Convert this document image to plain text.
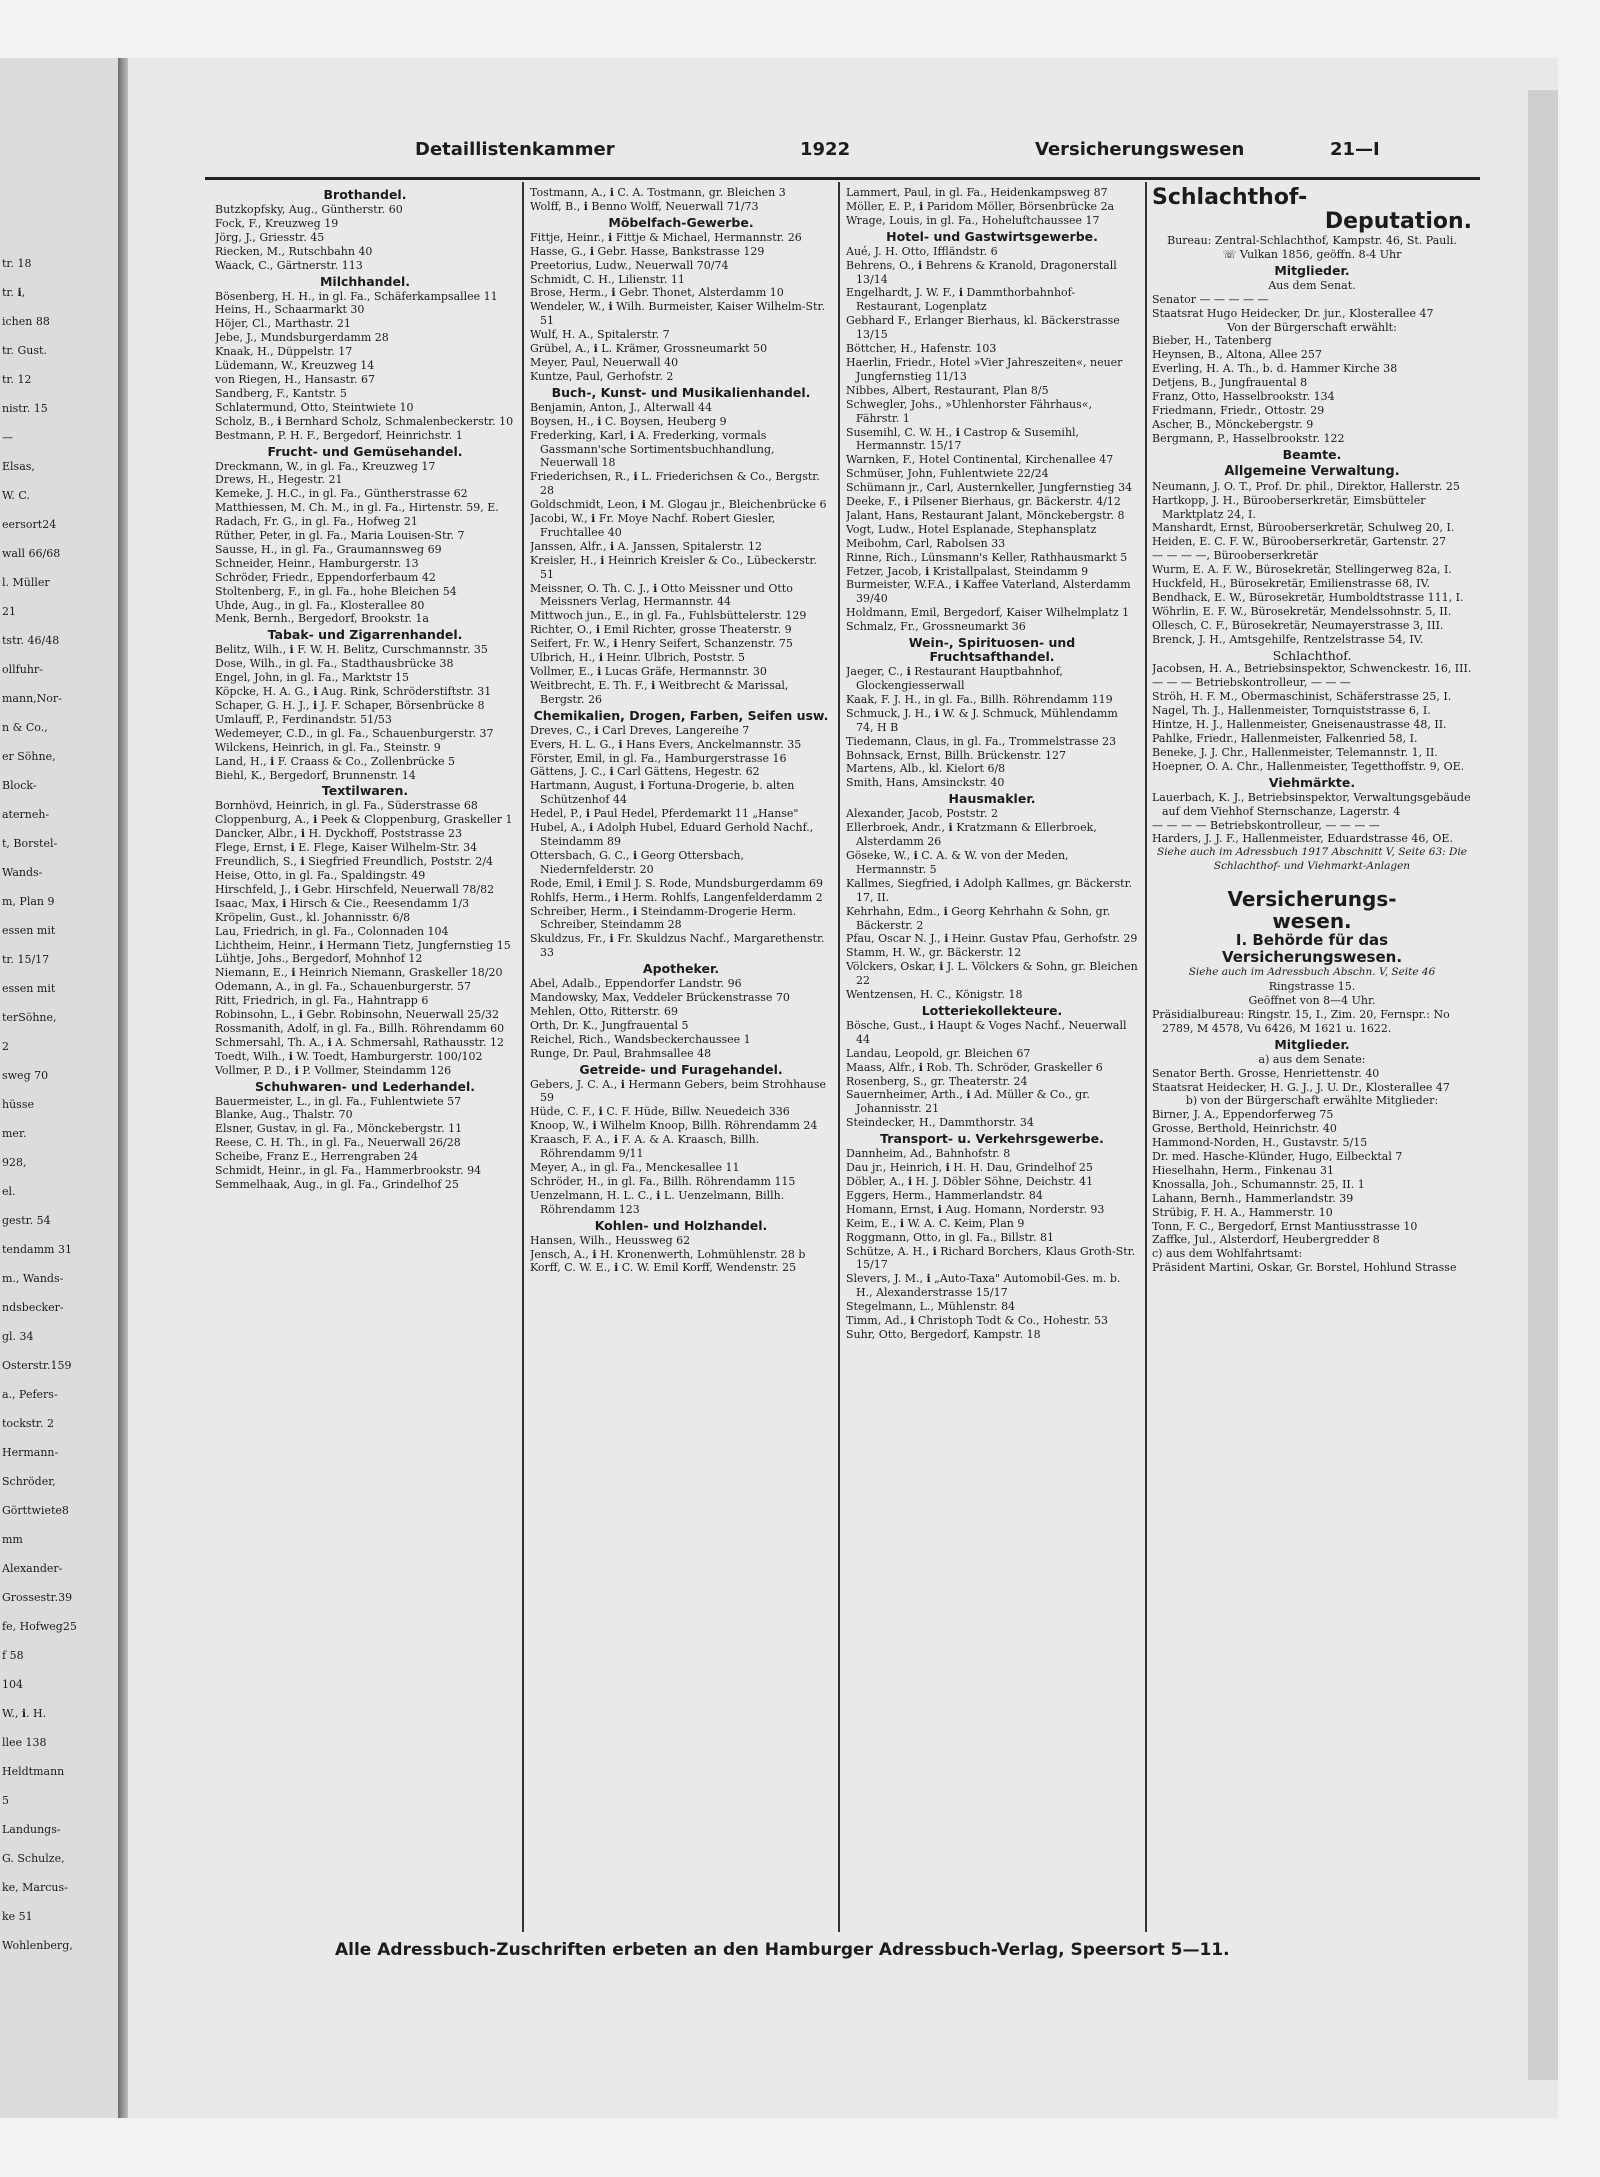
tr. 18
tr. ℹ,
ichen 88
tr. Gust.
tr. 12
nistr. 15
—
Elsas,
W. C.
eersort24
wall 66/68
l. Müller
21
tstr. 46/48
ollfuhr-
mann,Nor-
n & Co.,
er Söhne,
Block-
aterneh-
t, Borstel-
Wands-
m, Plan 9
essen mit
tr. 15/17
essen mit
terSöhne,
2
sweg 70
hüsse
mer.
928,
el.
gestr. 54
tendamm 31
m., Wands-
ndsbecker-
gl. 34
Osterstr.159
a., Pefers-
tockstr. 2
Hermann-
Schröder,
Görttwiete8
mm
Alexander-
Grossestr.39
fe, Hofweg25
f 58
104
W., ℹ. H.
llee 138
Heldtmann
5
Landungs-
G. Schulze,
ke, Marcus-
ke 51
Wohlenberg,
Detaillistenkammer	1922	Versicherungswesen	21—I
Brothandel.
Butzkopfsky, Aug., Güntherstr. 60
Fock, F., Kreuzweg 19
Jörg, J., Griesstr. 45
Riecken, M., Rutschbahn 40
Waack, C., Gärtnerstr. 113
Milchhandel.
Bösenberg, H. H., in gl. Fa., Schäferkampsallee 11
Heins, H., Schaarmarkt 30
Höjer, Cl., Marthastr. 21
Jebe, J., Mundsburgerdamm 28
Knaak, H., Düppelstr. 17
Lüdemann, W., Kreuzweg 14
von Riegen, H., Hansastr. 67
Sandberg, F., Kantstr. 5
Schlatermund, Otto, Steintwiete 10
Scholz, B., ℹ Bernhard Scholz, Schmalenbeckerstr. 10
Bestmann, P. H. F., Bergedorf, Heinrichstr. 1
Frucht- und Gemüsehandel.
Dreckmann, W., in gl. Fa., Kreuzweg 17
Drews, H., Hegestr. 21
Kemeke, J. H.C., in gl. Fa., Güntherstrasse 62
Matthiessen, M. Ch. M., in gl. Fa., Hirtenstr. 59, E.
Radach, Fr. G., in gl. Fa., Hofweg 21
Rüther, Peter, in gl. Fa., Maria Louisen-Str. 7
Sausse, H., in gl. Fa., Graumannsweg 69
Schneider, Heinr., Hamburgerstr. 13
Schröder, Friedr., Eppendorferbaum 42
Stoltenberg, F., in gl. Fa., hohe Bleichen 54
Uhde, Aug., in gl. Fa., Klosterallee 80
Menk, Bernh., Bergedorf, Brookstr. 1a
Tabak- und Zigarrenhandel.
Belitz, Wilh., ℹ F. W. H. Belitz, Curschmannstr. 35
Dose, Wilh., in gl. Fa., Stadthausbrücke 38
Engel, John, in gl. Fa., Marktstr 15
Köpcke, H. A. G., ℹ Aug. Rink, Schröderstiftstr. 31
Schaper, G. H. J., ℹ J. F. Schaper, Börsenbrücke 8
Umlauff, P., Ferdinandstr. 51/53
Wedemeyer, C.D., in gl. Fa., Schauenburgerstr. 37
Wilckens, Heinrich, in gl. Fa., Steinstr. 9
Land, H., ℹ F. Craass & Co., Zollenbrücke 5
Biehl, K., Bergedorf, Brunnenstr. 14
Textilwaren.
Bornhövd, Heinrich, in gl. Fa., Süderstrasse 68
Cloppenburg, A., ℹ Peek & Cloppenburg, Graskeller 1
Dancker, Albr., ℹ H. Dyckhoff, Poststrasse 23
Flege, Ernst, ℹ E. Flege, Kaiser Wilhelm-Str. 34
Freundlich, S., ℹ Siegfried Freundlich, Poststr. 2/4
Heise, Otto, in gl. Fa., Spaldingstr. 49
Hirschfeld, J., ℹ Gebr. Hirschfeld, Neuerwall 78/82
Isaac, Max, ℹ Hirsch & Cie., Reesendamm 1/3
Kröpelin, Gust., kl. Johannisstr. 6/8
Lau, Friedrich, in gl. Fa., Colonnaden 104
Lichtheim, Heinr., ℹ Hermann Tietz, Jungfernstieg 15
Lühtje, Johs., Bergedorf, Mohnhof 12
Niemann, E., ℹ Heinrich Niemann, Graskeller 18/20
Odemann, A., in gl. Fa., Schauenburgerstr. 57
Ritt, Friedrich, in gl. Fa., Hahntrapp 6
Robinsohn, L., ℹ Gebr. Robinsohn, Neuerwall 25/32
Rossmanith, Adolf, in gl. Fa., Billh. Röhrendamm 60
Schmersahl, Th. A., ℹ A. Schmersahl, Rathausstr. 12
Toedt, Wilh., ℹ W. Toedt, Hamburgerstr. 100/102
Vollmer, P. D., ℹ P. Vollmer, Steindamm 126
Schuhwaren- und Lederhandel.
Bauermeister, L., in gl. Fa., Fuhlentwiete 57
Blanke, Aug., Thalstr. 70
Elsner, Gustav, in gl. Fa., Mönckebergstr. 11
Reese, C. H. Th., in gl. Fa., Neuerwall 26/28
Scheibe, Franz E., Herrengraben 24
Schmidt, Heinr., in gl. Fa., Hammerbrookstr. 94
Semmelhaak, Aug., in gl. Fa., Grindelhof 25
Tostmann, A., ℹ C. A. Tostmann, gr. Bleichen 3
Wolff, B., ℹ Benno Wolff, Neuerwall 71/73
Möbelfach-Gewerbe.
Fittje, Heinr., ℹ Fittje & Michael, Hermannstr. 26
Hasse, G., ℹ Gebr. Hasse, Bankstrasse 129
Preetorius, Ludw., Neuerwall 70/74
Schmidt, C. H., Lilienstr. 11
Brose, Herm., ℹ Gebr. Thonet, Alsterdamm 10
Wendeler, W., ℹ Wilh. Burmeister, Kaiser Wilhelm-Str. 51
Wulf, H. A., Spitalerstr. 7
Grübel, A., ℹ L. Krämer, Grossneumarkt 50
Meyer, Paul, Neuerwall 40
Kuntze, Paul, Gerhofstr. 2
Buch-, Kunst- und Musikalienhandel.
Benjamin, Anton, J., Alterwall 44
Boysen, H., ℹ C. Boysen, Heuberg 9
Frederking, Karl, ℹ A. Frederking, vormals Gassmann'sche Sortimentsbuchhandlung, Neuerwall 18
Friederichsen, R., ℹ L. Friederichsen & Co., Bergstr. 28
Goldschmidt, Leon, ℹ M. Glogau jr., Bleichenbrücke 6
Jacobi, W., ℹ Fr. Moye Nachf. Robert Giesler, Fruchtallee 40
Janssen, Alfr., ℹ A. Janssen, Spitalerstr. 12
Kreisler, H., ℹ Heinrich Kreisler & Co., Lübeckerstr. 51
Meissner, O. Th. C. J., ℹ Otto Meissner und Otto Meissners Verlag, Hermannstr. 44
Mittwoch jun., E., in gl. Fa., Fuhlsbüttelerstr. 129
Richter, O., ℹ Emil Richter, grosse Theaterstr. 9
Seifert, Fr. W., ℹ Henry Seifert, Schanzenstr. 75
Ulbrich, H., ℹ Heinr. Ulbrich, Poststr. 5
Vollmer, E., ℹ Lucas Gräfe, Hermannstr. 30
Weitbrecht, E. Th. F., ℹ Weitbrecht & Marissal, Bergstr. 26
Chemikalien, Drogen, Farben, Seifen usw.
Dreves, C., ℹ Carl Dreves, Langereihe 7
Evers, H. L. G., ℹ Hans Evers, Anckelmannstr. 35
Förster, Emil, in gl. Fa., Hamburgerstrasse 16
Gättens, J. C., ℹ Carl Gättens, Hegestr. 62
Hartmann, August, ℹ Fortuna-Drogerie, b. alten Schützenhof 44
Hedel, P., ℹ Paul Hedel, Pferdemarkt 11 „Hanse"
Hubel, A., ℹ Adolph Hubel, Eduard Gerhold Nachf., Steindamm 89
Ottersbach, G. C., ℹ Georg Ottersbach, Niedernfelderstr. 20
Rode, Emil, ℹ Emil J. S. Rode, Mundsburgerdamm 69
Rohlfs, Herm., ℹ Herm. Rohlfs, Langenfelderdamm 2
Schreiber, Herm., ℹ Steindamm-Drogerie Herm. Schreiber, Steindamm 28
Skuldzus, Fr., ℹ Fr. Skuldzus Nachf., Margarethenstr. 33
Apotheker.
Abel, Adalb., Eppendorfer Landstr. 96
Mandowsky, Max, Veddeler Brückenstrasse 70
Mehlen, Otto, Ritterstr. 69
Orth, Dr. K., Jungfrauental 5
Reichel, Rich., Wandsbeckerchaussee 1
Runge, Dr. Paul, Brahmsallee 48
Getreide- und Furagehandel.
Gebers, J. C. A., ℹ Hermann Gebers, beim Strohhause 59
Hüde, C. F., ℹ C. F. Hüde, Billw. Neuedeich 336
Knoop, W., ℹ Wilhelm Knoop, Billh. Röhrendamm 24
Kraasch, F. A., ℹ F. A. & A. Kraasch, Billh. Röhrendamm 9/11
Meyer, A., in gl. Fa., Menckesallee 11
Schröder, H., in gl. Fa., Billh. Röhrendamm 115
Uenzelmann, H. L. C., ℹ L. Uenzelmann, Billh. Röhrendamm 123
Kohlen- und Holzhandel.
Hansen, Wilh., Heussweg 62
Jensch, A., ℹ H. Kronenwerth, Lohmühlenstr. 28 b
Korff, C. W. E., ℹ C. W. Emil Korff, Wendenstr. 25
Lammert, Paul, in gl. Fa., Heidenkampsweg 87
Möller, E. P., ℹ Paridom Möller, Börsenbrücke 2a
Wrage, Louis, in gl. Fa., Hoheluftchaussee 17
Hotel- und Gastwirtsgewerbe.
Aué, J. H. Otto, Iffländstr. 6
Behrens, O., ℹ Behrens & Kranold, Dragonerstall 13/14
Engelhardt, J. W. F., ℹ Dammthorbahnhof-Restaurant, Logenplatz
Gebhard F., Erlanger Bierhaus, kl. Bäckerstrasse 13/15
Böttcher, H., Hafenstr. 103
Haerlin, Friedr., Hotel »Vier Jahreszeiten«, neuer Jungfernstieg 11/13
Nibbes, Albert, Restaurant, Plan 8/5
Schwegler, Johs., »Uhlenhorster Fährhaus«, Fährstr. 1
Susemihl, C. W. H., ℹ Castrop & Susemihl, Hermannstr. 15/17
Warnken, F., Hotel Continental, Kirchenallee 47
Schmüser, John, Fuhlentwiete 22/24
Schümann jr., Carl, Austernkeller, Jungfernstieg 34
Deeke, F., ℹ Pilsener Bierhaus, gr. Bäckerstr. 4/12
Jalant, Hans, Restaurant Jalant, Mönckebergstr. 8
Vogt, Ludw., Hotel Esplanade, Stephansplatz
Meibohm, Carl, Rabolsen 33
Rinne, Rich., Lünsmann's Keller, Rathhausmarkt 5
Fetzer, Jacob, ℹ Kristallpalast, Steindamm 9
Burmeister, W.F.A., ℹ Kaffee Vaterland, Alsterdamm 39/40
Holdmann, Emil, Bergedorf, Kaiser Wilhelmplatz 1
Schmalz, Fr., Grossneumarkt 36
Wein-, Spirituosen- und Fruchtsafthandel.
Jaeger, C., ℹ Restaurant Hauptbahnhof, Glockengiesserwall
Kaak, F. J. H., in gl. Fa., Billh. Röhrendamm 119
Schmuck, J. H., ℹ W. & J. Schmuck, Mühlendamm 74, H B
Tiedemann, Claus, in gl. Fa., Trommelstrasse 23
Bohnsack, Ernst, Billh. Brückenstr. 127
Martens, Alb., kl. Kielort 6/8
Smith, Hans, Amsinckstr. 40
Hausmakler.
Alexander, Jacob, Poststr. 2
Ellerbroek, Andr., ℹ Kratzmann & Ellerbroek, Alsterdamm 26
Göseke, W., ℹ C. A. & W. von der Meden, Hermannstr. 5
Kallmes, Siegfried, ℹ Adolph Kallmes, gr. Bäckerstr. 17, II.
Kehrhahn, Edm., ℹ Georg Kehrhahn & Sohn, gr. Bäckerstr. 2
Pfau, Oscar N. J., ℹ Heinr. Gustav Pfau, Gerhofstr. 29
Stamm, H. W., gr. Bäckerstr. 12
Völckers, Oskar, ℹ J. L. Völckers & Sohn, gr. Bleichen 22
Wentzensen, H. C., Königstr. 18
Lotteriekollekteure.
Bösche, Gust., ℹ Haupt & Voges Nachf., Neuerwall 44
Landau, Leopold, gr. Bleichen 67
Maass, Alfr., ℹ Rob. Th. Schröder, Graskeller 6
Rosenberg, S., gr. Theaterstr. 24
Sauernheimer, Arth., ℹ Ad. Müller & Co., gr. Johannisstr. 21
Steindecker, H., Dammthorstr. 34
Transport- u. Verkehrsgewerbe.
Dannheim, Ad., Bahnhofstr. 8
Dau jr., Heinrich, ℹ H. H. Dau, Grindelhof 25
Döbler, A., ℹ H. J. Döbler Söhne, Deichstr. 41
Eggers, Herm., Hammerlandstr. 84
Homann, Ernst, ℹ Aug. Homann, Norderstr. 93
Keim, E., ℹ W. A. C. Keim, Plan 9
Roggmann, Otto, in gl. Fa., Billstr. 81
Schütze, A. H., ℹ Richard Borchers, Klaus Groth-Str. 15/17
Slevers, J. M., ℹ „Auto-Taxa" Automobil-Ges. m. b. H., Alexanderstrasse 15/17
Stegelmann, L., Mühlenstr. 84
Timm, Ad., ℹ Christoph Todt & Co., Hohestr. 53
Suhr, Otto, Bergedorf, Kampstr. 18
Schlachthof-
Deputation.
Bureau: Zentral-Schlachthof, Kampstr. 46, St. Pauli.
☏ Vulkan 1856, geöffn. 8-4 Uhr
Mitglieder.
Aus dem Senat.
Senator — — — — —
Staatsrat Hugo Heidecker, Dr. jur., Klosterallee 47
Von der Bürgerschaft erwählt:
Bieber, H., Tatenberg
Heynsen, B., Altona, Allee 257
Everling, H. A. Th., b. d. Hammer Kirche 38
Detjens, B., Jungfrauental 8
Franz, Otto, Hasselbrookstr. 134
Friedmann, Friedr., Ottostr. 29
Ascher, B., Mönckebergstr. 9
Bergmann, P., Hasselbrookstr. 122
Beamte.
Allgemeine Verwaltung.
Neumann, J. O. T., Prof. Dr. phil., Direktor, Hallerstr. 25
Hartkopp, J. H., Bürooberserkretär, Eimsbütteler Marktplatz 24, I.
Manshardt, Ernst, Bürooberserkretär, Schulweg 20, I.
Heiden, E. C. F. W., Bürooberserkretär, Gartenstr. 27
— — — —, Bürooberserkretär
Wurm, E. A. F. W., Bürosekretär, Stellingerweg 82a, I.
Huckfeld, H., Bürosekretär, Emilienstrasse 68, IV.
Bendhack, E. W., Bürosekretär, Humboldtstrasse 111, I.
Wöhrlin, E. F. W., Bürosekretär, Mendelssohnstr. 5, II.
Ollesch, C. F., Bürosekretär, Neumayerstrasse 3, III.
Brenck, J. H., Amtsgehilfe, Rentzelstrasse 54, IV.
Schlachthof.
Jacobsen, H. A., Betriebsinspektor, Schwenckestr. 16, III.
— — — Betriebskontrolleur, — — —
Ströh, H. F. M., Obermaschinist, Schäferstrasse 25, I.
Nagel, Th. J., Hallenmeister, Tornquiststrasse 6, I.
Hintze, H. J., Hallenmeister, Gneisenaustrasse 48, II.
Pahlke, Friedr., Hallenmeister, Falkenried 58, I.
Beneke, J. J. Chr., Hallenmeister, Telemannstr. 1, II.
Hoepner, O. A. Chr., Hallenmeister, Tegetthoffstr. 9, OE.
Viehmärkte.
Lauerbach, K. J., Betriebsinspektor, Verwaltungsgebäude auf dem Viehhof Sternschanze, Lagerstr. 4
— — — — Betriebskontrolleur, — — — —
Harders, J. J. F., Hallenmeister, Eduardstrasse 46, OE.
Siehe auch im Adressbuch 1917 Abschnitt V, Seite 63: Die Schlachthof- und Viehmarkt-Anlagen
Versicherungs-
wesen.
I. Behörde für das Versicherungswesen.
Siehe auch im Adressbuch Abschn. V, Seite 46
Ringstrasse 15.
Geöffnet von 8—4 Uhr.
Präsidialbureau: Ringstr. 15, I., Zim. 20, Fernspr.: No 2789, M 4578, Vu 6426, M 1621 u. 1622.
Mitglieder.
a) aus dem Senate:
Senator Berth. Grosse, Henriettenstr. 40
Staatsrat Heidecker, H. G. J., J. U. Dr., Klosterallee 47
b) von der Bürgerschaft erwählte Mitglieder:
Birner, J. A., Eppendorferweg 75
Grosse, Berthold, Heinrichstr. 40
Hammond-Norden, H., Gustavstr. 5/15
Dr. med. Hasche-Klünder, Hugo, Eilbecktal 7
Hieselhahn, Herm., Finkenau 31
Knossalla, Joh., Schumannstr. 25, II. 1
Lahann, Bernh., Hammerlandstr. 39
Strübig, F. H. A., Hammerstr. 10
Tonn, F. C., Bergedorf, Ernst Mantiusstrasse 10
Zaffke, Jul., Alsterdorf, Heubergredder 8
c) aus dem Wohlfahrtsamt:
Präsident Martini, Oskar, Gr. Borstel, Hohlund Strasse
Alle Adressbuch-Zuschriften erbeten an den Hamburger Adressbuch-Verlag, Speersort 5—11.
